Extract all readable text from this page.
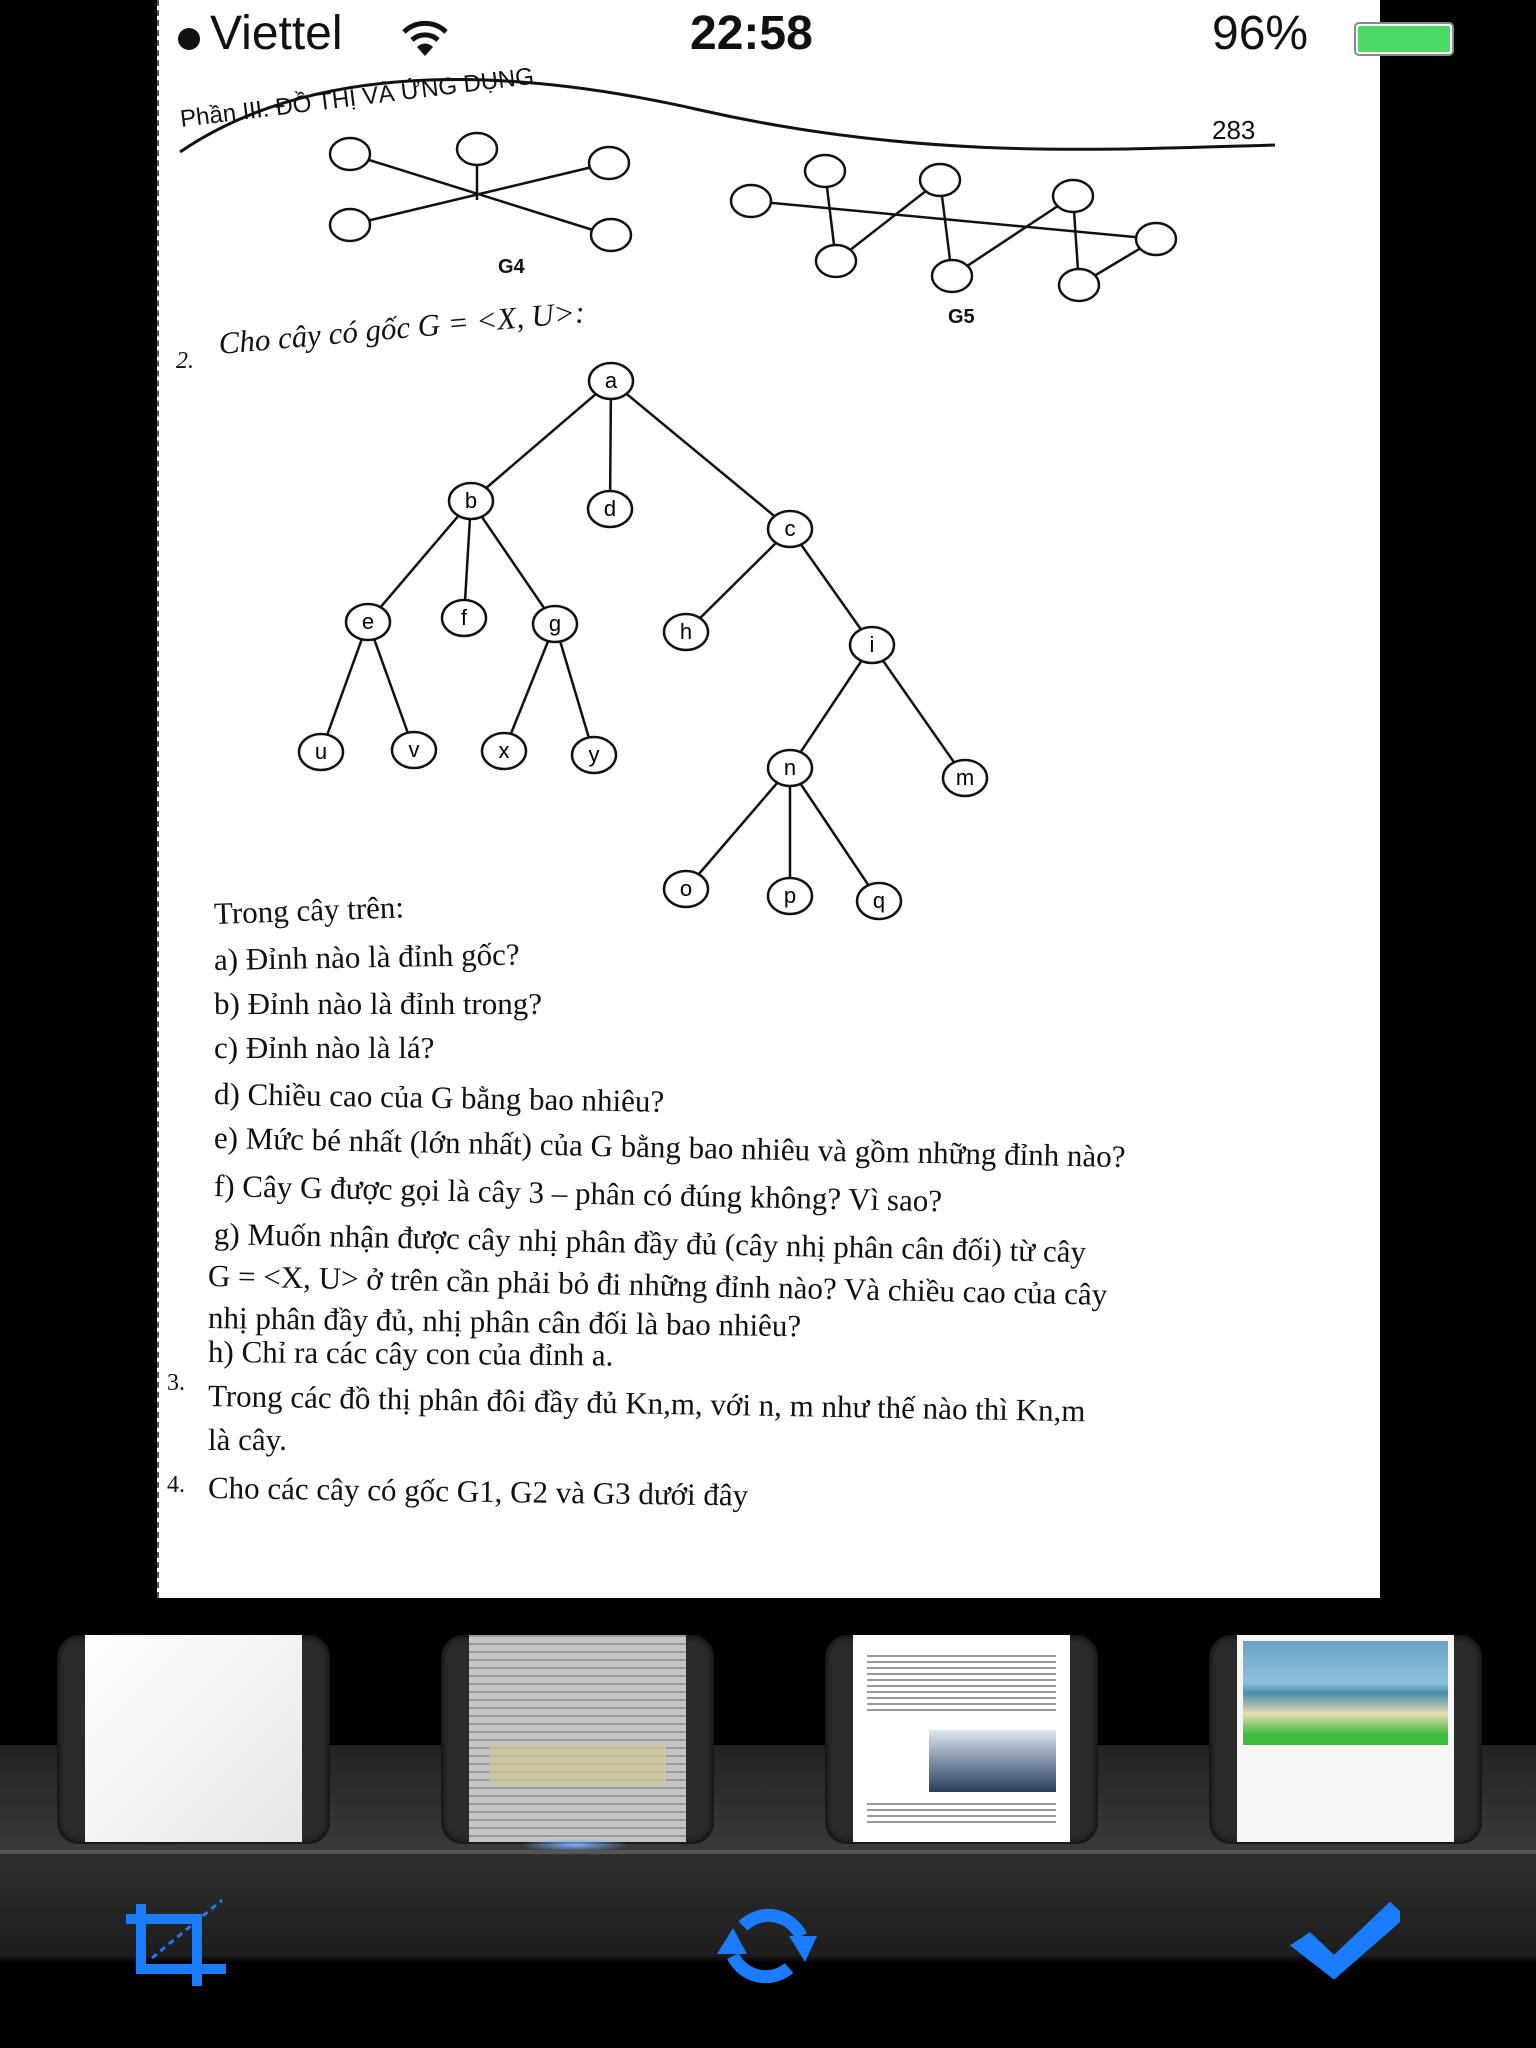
a
b	d
c
e	f	g	h
i
u	v	x	y
n	m
o	p	q
Viettel	22:58	96%
Phần III. ĐỒ THỊ VÀ ỨNG DỤNG	283
G4
G5
2.
Cho cây có gốc G = <X, U>:
Trong cây trên:
a) Đỉnh nào là đỉnh gốc?
b) Đỉnh nào là đỉnh trong?
c) Đỉnh nào là lá?
d) Chiều cao của G bằng bao nhiêu?
e) Mức bé nhất (lớn nhất) của G bằng bao nhiêu và gồm những đỉnh nào?
f) Cây G được gọi là cây 3 – phân có đúng không? Vì sao?
g) Muốn nhận được cây nhị phân đầy đủ (cây nhị phân cân đối) từ cây
G = <X, U> ở trên cần phải bỏ đi những đỉnh nào? Và chiều cao của cây
nhị phân đầy đủ, nhị phân cân đối là bao nhiêu?
h) Chỉ ra các cây con của đỉnh a.
3. Trong các đồ thị phân đôi đầy đủ Kn,m, với n, m như thế nào thì Kn,m
là cây.
4. Cho các cây có gốc G1, G2 và G3 dưới đây
